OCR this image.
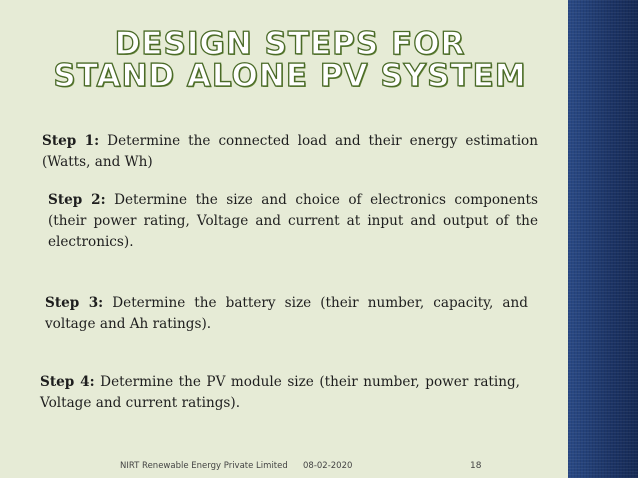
DESIGN STEPS FOR
STAND ALONE PV SYSTEM
Step 1: Determine the connected load and their energy estimation (Watts, and Wh)
Step 2: Determine the size and choice of electronics components (their power rating, Voltage and current at input and output of the electronics).
Step 3: Determine the battery size (their number, capacity, and voltage and Ah ratings).
Step 4: Determine the PV module size (their number, power rating, Voltage and current ratings).
NIRT Renewable Energy Private Limited 08-02-2020	18
